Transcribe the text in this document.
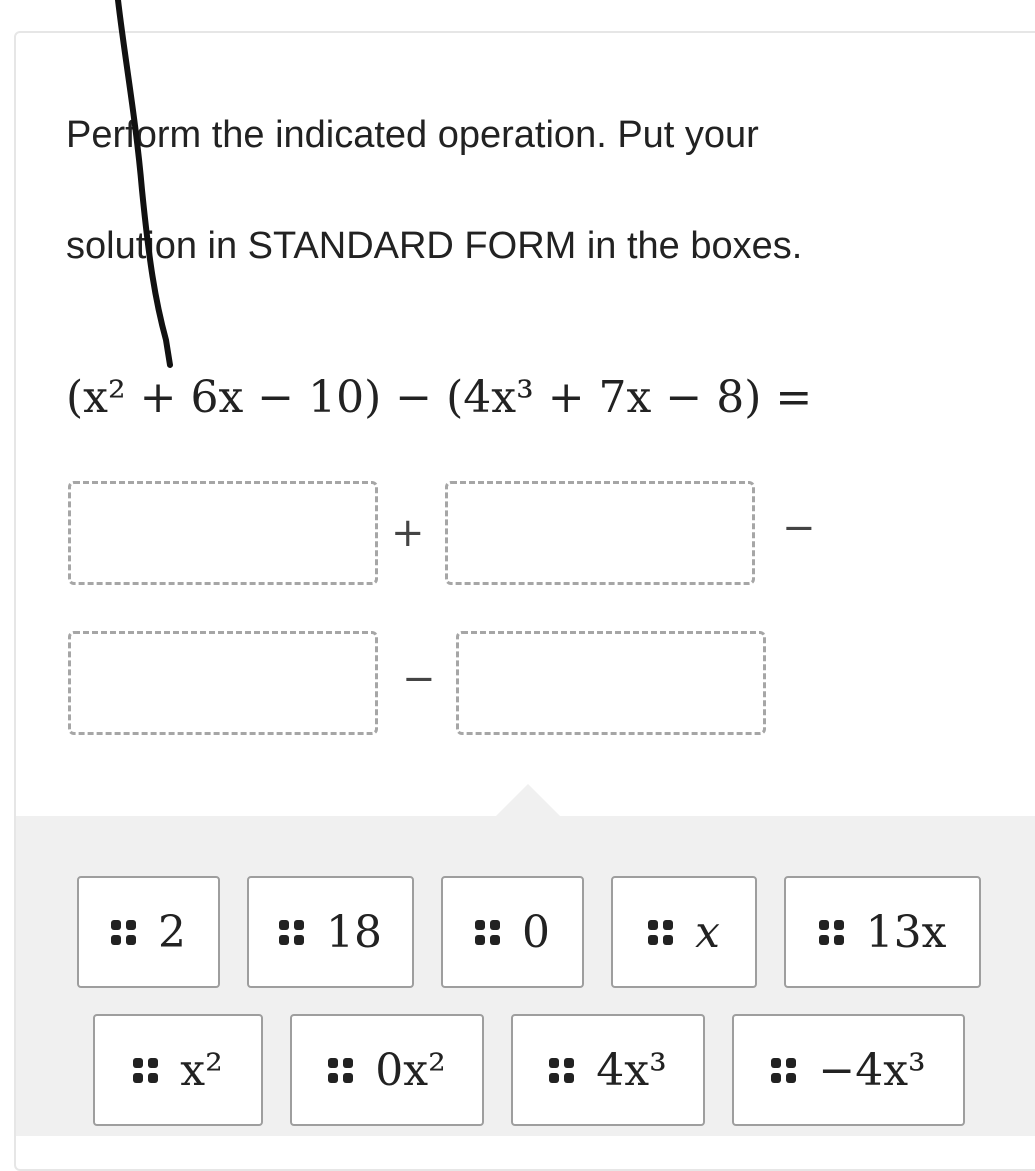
Perform the indicated operation. Put your
solution in STANDARD FORM in the boxes.
(x² + 6x − 10) − (4x³ + 7x − 8) =
+	−
−
2	18	0	x	13x
x²	0x²	4x³	−4x³
